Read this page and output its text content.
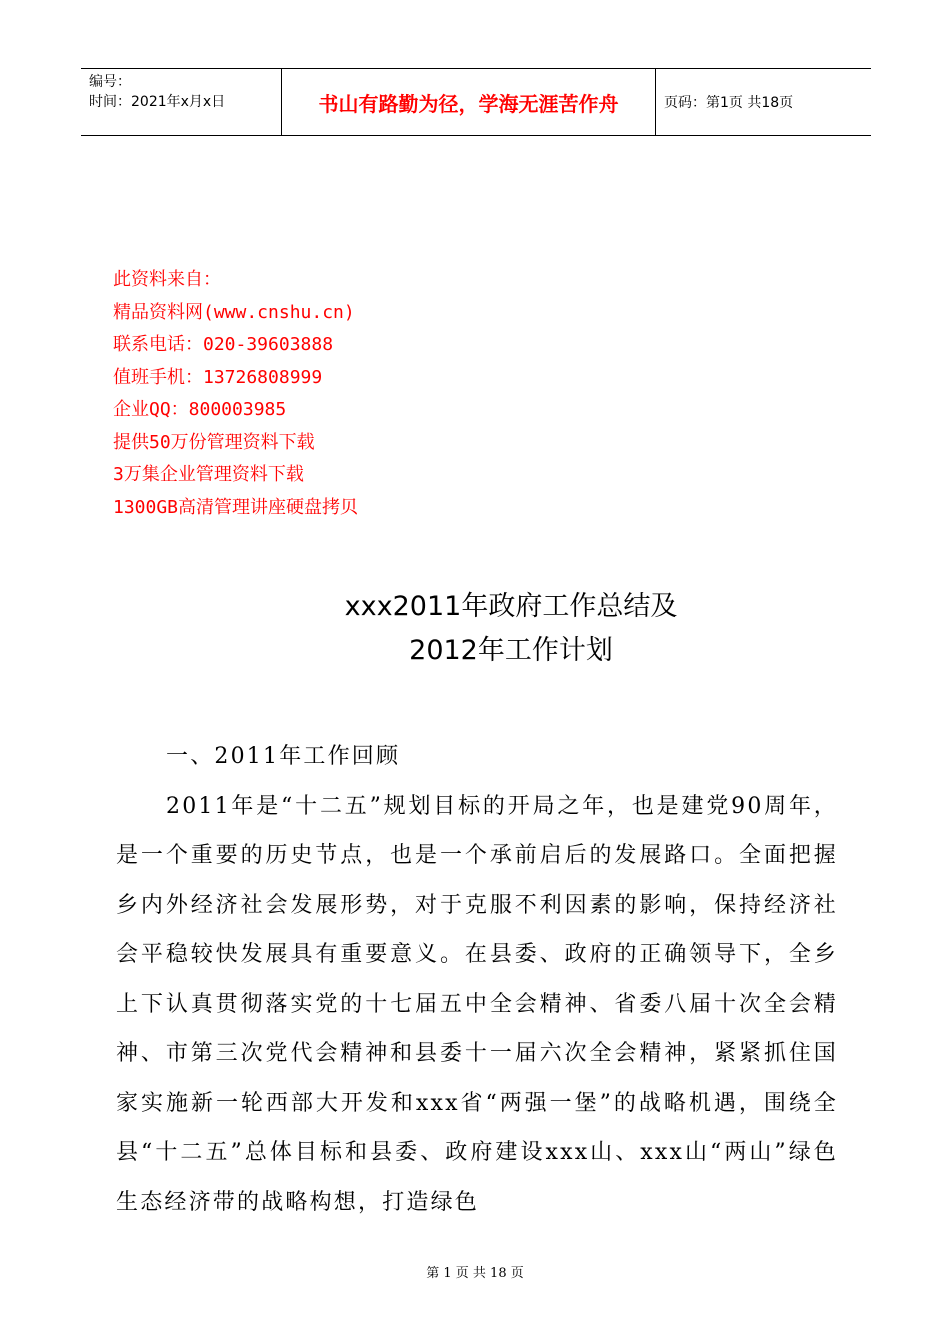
编号：
时间：2021年x月x日	书山有路勤为径，学海无涯苦作舟	页码：第1页 共18页
此资料来自：
精品资料网(www.cnshu.cn)
联系电话：020-39603888
值班手机：13726808999
企业QQ：800003985
提供50万份管理资料下载
3万集企业管理资料下载
1300GB高清管理讲座硬盘拷贝
xxx2011年政府工作总结及
2012年工作计划

一、2011年工作回顾

2011年是“十二五”规划目标的开局之年，也是建党90周年，是一个重要的历史节点，也是一个承前启后的发展路口。全面把握乡内外经济社会发展形势，对于克服不利因素的影响，保持经济社会平稳较快发展具有重要意义。在县委、政府的正确领导下，全乡上下认真贯彻落实党的十七届五中全会精神、省委八届十次全会精神、市第三次党代会精神和县委十一届六次全会精神，紧紧抓住国家实施新一轮西部大开发和xxx省“两强一堡”的战略机遇，围绕全县“十二五”总体目标和县委、政府建设xxx山、xxx山“两山”绿色生态经济带的战略构想，打造绿色

第 1 页 共 18 页
